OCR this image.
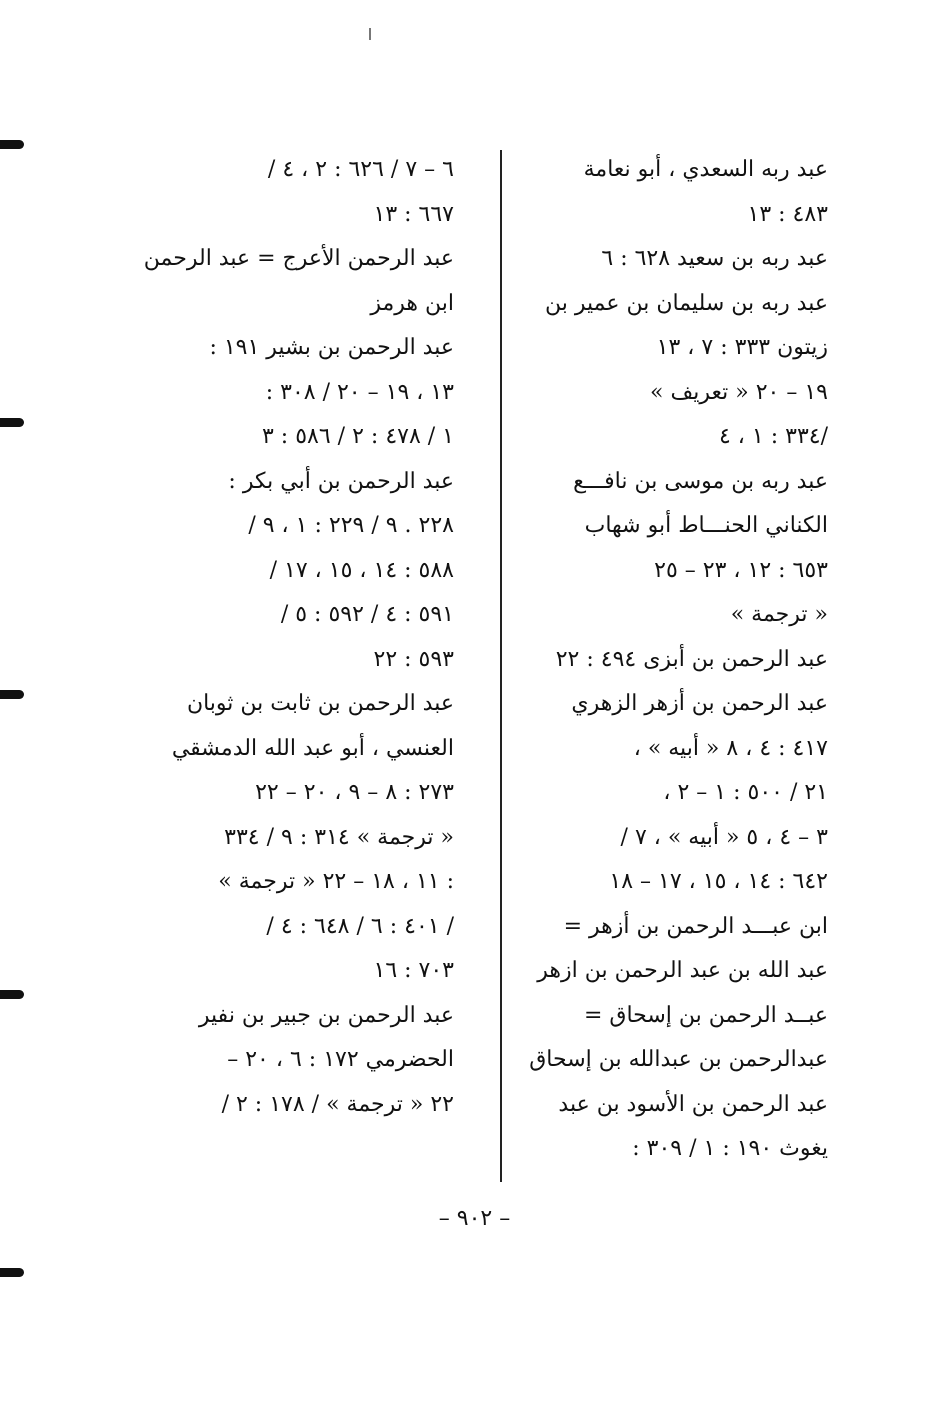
عبد ربه السعدي ، أبو نعامة
٤٨٣ : ١٣
عبد ربه بن سعيد ٦٢٨ : ٦
عبد ربه بن سليمان بن عمير بن
زيتون ٣٣٣ : ٧ ، ١٣
١٩ – ٢٠ « تعريف »
/٣٣٤ : ١ ، ٤
عبد ربه بن موسى بن نافـــع
الكناني الحنـــاط أبو شهاب
٦٥٣ : ١٢ ، ٢٣ – ٢٥
« ترجمة »
عبد الرحمن بن أبزى ٤٩٤ : ٢٢
عبد الرحمن بن أزهر الزهري
٤١٧ : ٤ ، ٨ « أبيه » ،
٢١ / ٥٠٠ : ١ – ٢ ،
٣ – ٤ ، ٥ « أبيه » ، ٧ /
٦٤٢ : ١٤ ، ١٥ ، ١٧ – ١٨
ابن عبـــد الرحمن بن أزهر =
عبد الله بن عبد الرحمن بن ازهر
عبــد الرحمن بن إسحاق =
عبدالرحمن بن عبدالله بن إسحاق
عبد الرحمن بن الأسود بن عبد
يغوث ١٩٠ : ١ / ٣٠٩ :
٦ – ٧ / ٦٢٦ : ٢ ، ٤ /
٦٦٧ : ١٣
عبد الرحمن الأعرج = عبد الرحمن
ابن هرمز
عبد الرحمن بن بشير ١٩١ :
١٣ ، ١٩ – ٢٠ / ٣٠٨ :
١ / ٤٧٨ : ٢ / ٥٨٦ : ٣
عبد الرحمن بن أبي بكر :
٢٢٨ . ٩ / ٢٢٩ : ١ ، ٩ /
٥٨٨ : ١٤ ، ١٥ ، ١٧ /
٥٩١ : ٤ / ٥٩٢ : ٥ /
٥٩٣ : ٢٢
عبد الرحمن بن ثابت بن ثوبان
العنسي ، أبو عبد الله الدمشقي
٢٧٣ : ٨ – ٩ ، ٢٠ – ٢٢
« ترجمة » ٣١٤ : ٩ / ٣٣٤
: ١١ ، ١٨ – ٢٢ « ترجمة »
/ ٤٠١ : ٦ / ٦٤٨ : ٤ /
٧٠٣ : ١٦
عبد الرحمن بن جبير بن نفير
الحضرمي ١٧٢ : ٦ ، ٢٠ –
٢٢ « ترجمة » / ١٧٨ : ٢ /
– ٩٠٢ –
